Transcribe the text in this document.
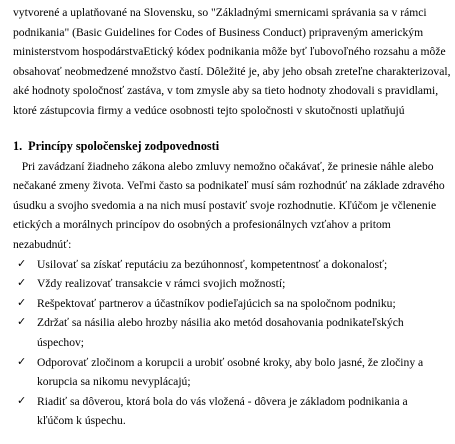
vytvorené a uplatňované na Slovensku, so "Základnými smernicami správania sa v rámci
podnikania" (Basic Guidelines for Codes of Business Conduct) pripraveným americkým
ministerstvom hospodárstvaEtický kódex podnikania môže byť ľubovoľného rozsahu a môže
obsahovať neobmedzené množstvo častí. Dôležité je, aby jeho obsah zreteľne charakterizoval,
aké hodnoty spoločnosť zastáva, v tom zmysle aby sa tieto hodnoty zhodovali s pravidlami,
ktoré zástupcovia firmy a vedúce osobnosti tejto spoločnosti v skutočnosti uplatňujú

1. Princípy spoločenskej zodpovednosti

Pri zavádzaní žiadneho zákona alebo zmluvy nemožno očakávať, že prinesie náhle alebo
nečakané zmeny života. Veľmi často sa podnikateľ musí sám rozhodnúť na základe zdravého
úsudku a svojho svedomia a na nich musí postaviť svoje rozhodnutie. Kľúčom je včlenenie
etických a morálnych princípov do osobných a profesionálnych vzťahov a pritom
nezabudnúť:

✓ Usilovať sa získať reputáciu za bezúhonnosť, kompetentnosť a dokonalosť;
✓ Vždy realizovať transakcie v rámci svojich možností;
✓ Rešpektovať partnerov a účastníkov podieľajúcich sa na spoločnom podniku;
✓ Zdržať sa násilia alebo hrozby násilia ako metód dosahovania podnikateľských
úspechov;
✓ Odporovať zločinom a korupcii a urobiť osobné kroky, aby bolo jasné, že zločiny a
korupcia sa nikomu nevyplácajú;
✓ Riadiť sa dôverou, ktorá bola do vás vložená - dôvera je základom podnikania a
kľúčom k úspechu.
